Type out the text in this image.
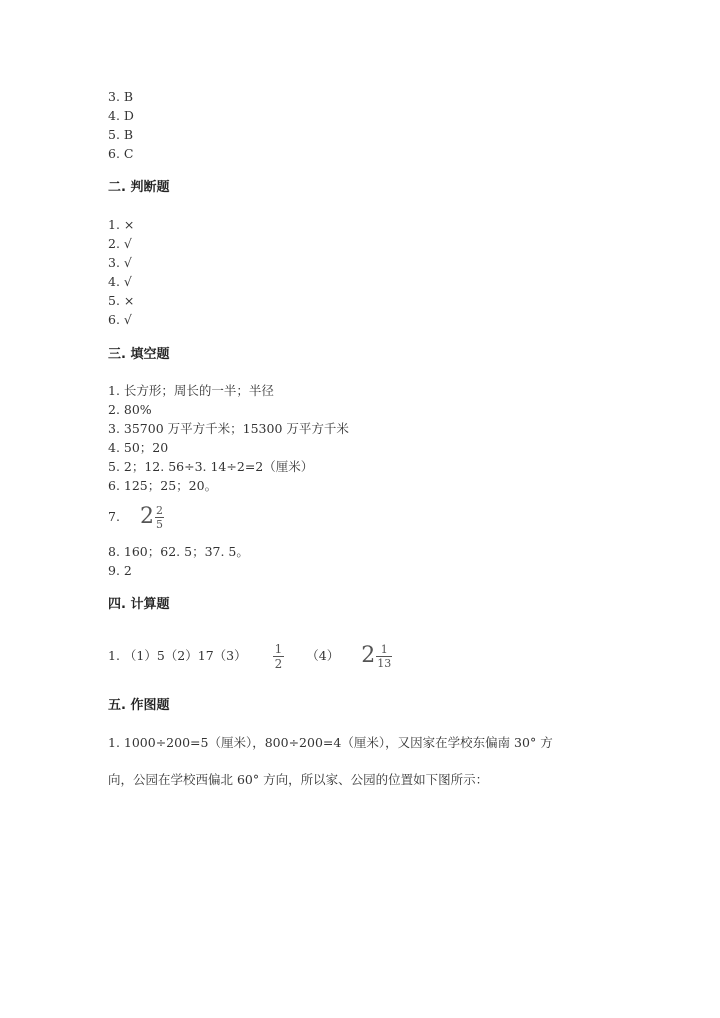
3. B
4. D
5. B
6. C
二. 判断题
1. ×
2. √
3. √
4. √
5. ×
6. √
三. 填空题
1. 长方形；周长的一半；半径
2. 80%
3. 35700 万平方千米；15300 万平方千米
4. 50；20
5. 2；12. 56÷3. 14÷2=2（厘米）
6. 125；25；20。
7. $2 \frac{2}{5}$
8. 160；62. 5；37. 5。
9. 2
四. 计算题
1. $(1)5(2)17(3) \frac{1}{2} (4)$ $2 \frac{1}{13}$
五. 作图题
1. 1000÷200=5（厘米），800÷200=4（厘米），又因家在学校东偏南 30° 方
向，公园在学校西偏北 60° 方向，所以家、公园的位置如下图所示：
